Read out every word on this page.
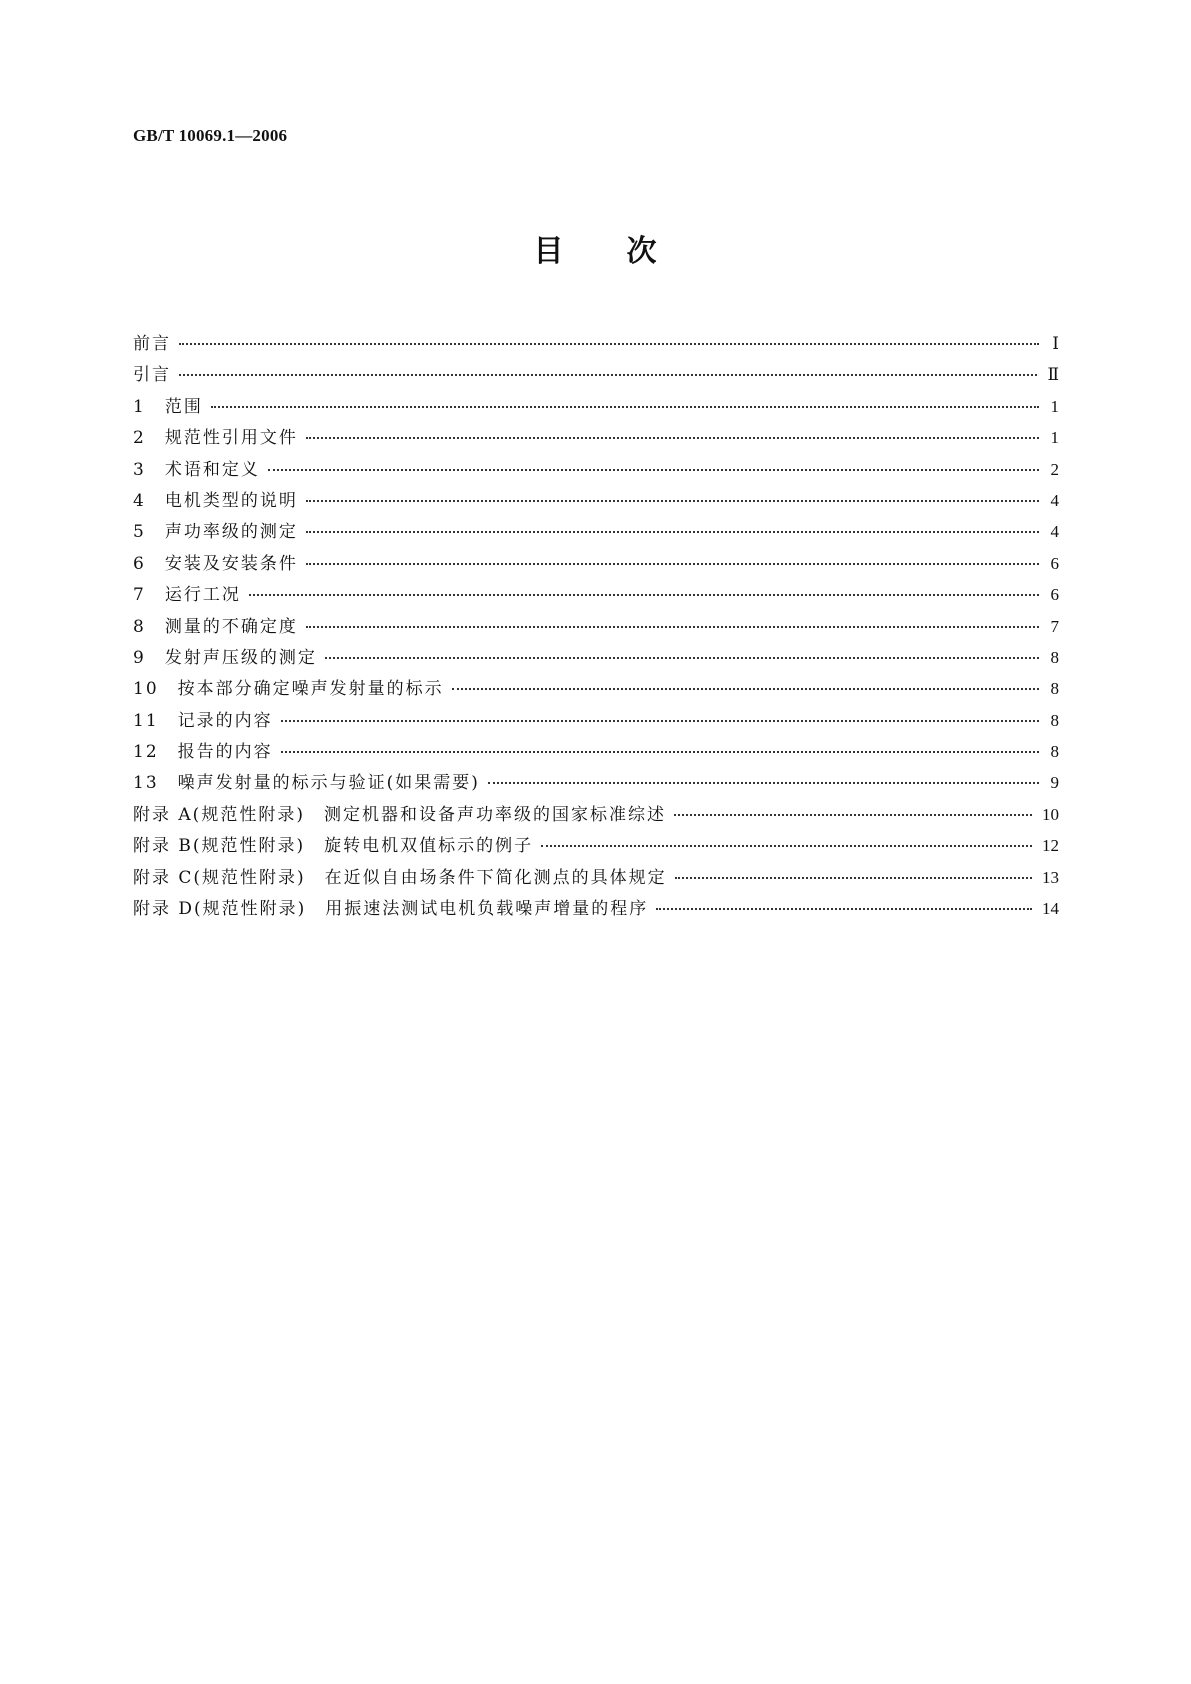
GB/T 10069.1—2006
目　　次
前言	Ⅰ
引言	Ⅱ
1　范围	1
2　规范性引用文件	1
3　术语和定义	2
4　电机类型的说明	4
5　声功率级的测定	4
6　安装及安装条件	6
7　运行工况	6
8　测量的不确定度	7
9　发射声压级的测定	8
10　按本部分确定噪声发射量的标示	8
11　记录的内容	8
12　报告的内容	8
13　噪声发射量的标示与验证(如果需要)	9
附录 A(规范性附录)　测定机器和设备声功率级的国家标准综述	10
附录 B(规范性附录)　旋转电机双值标示的例子	12
附录 C(规范性附录)　在近似自由场条件下简化测点的具体规定	13
附录 D(规范性附录)　用振速法测试电机负载噪声增量的程序	14
